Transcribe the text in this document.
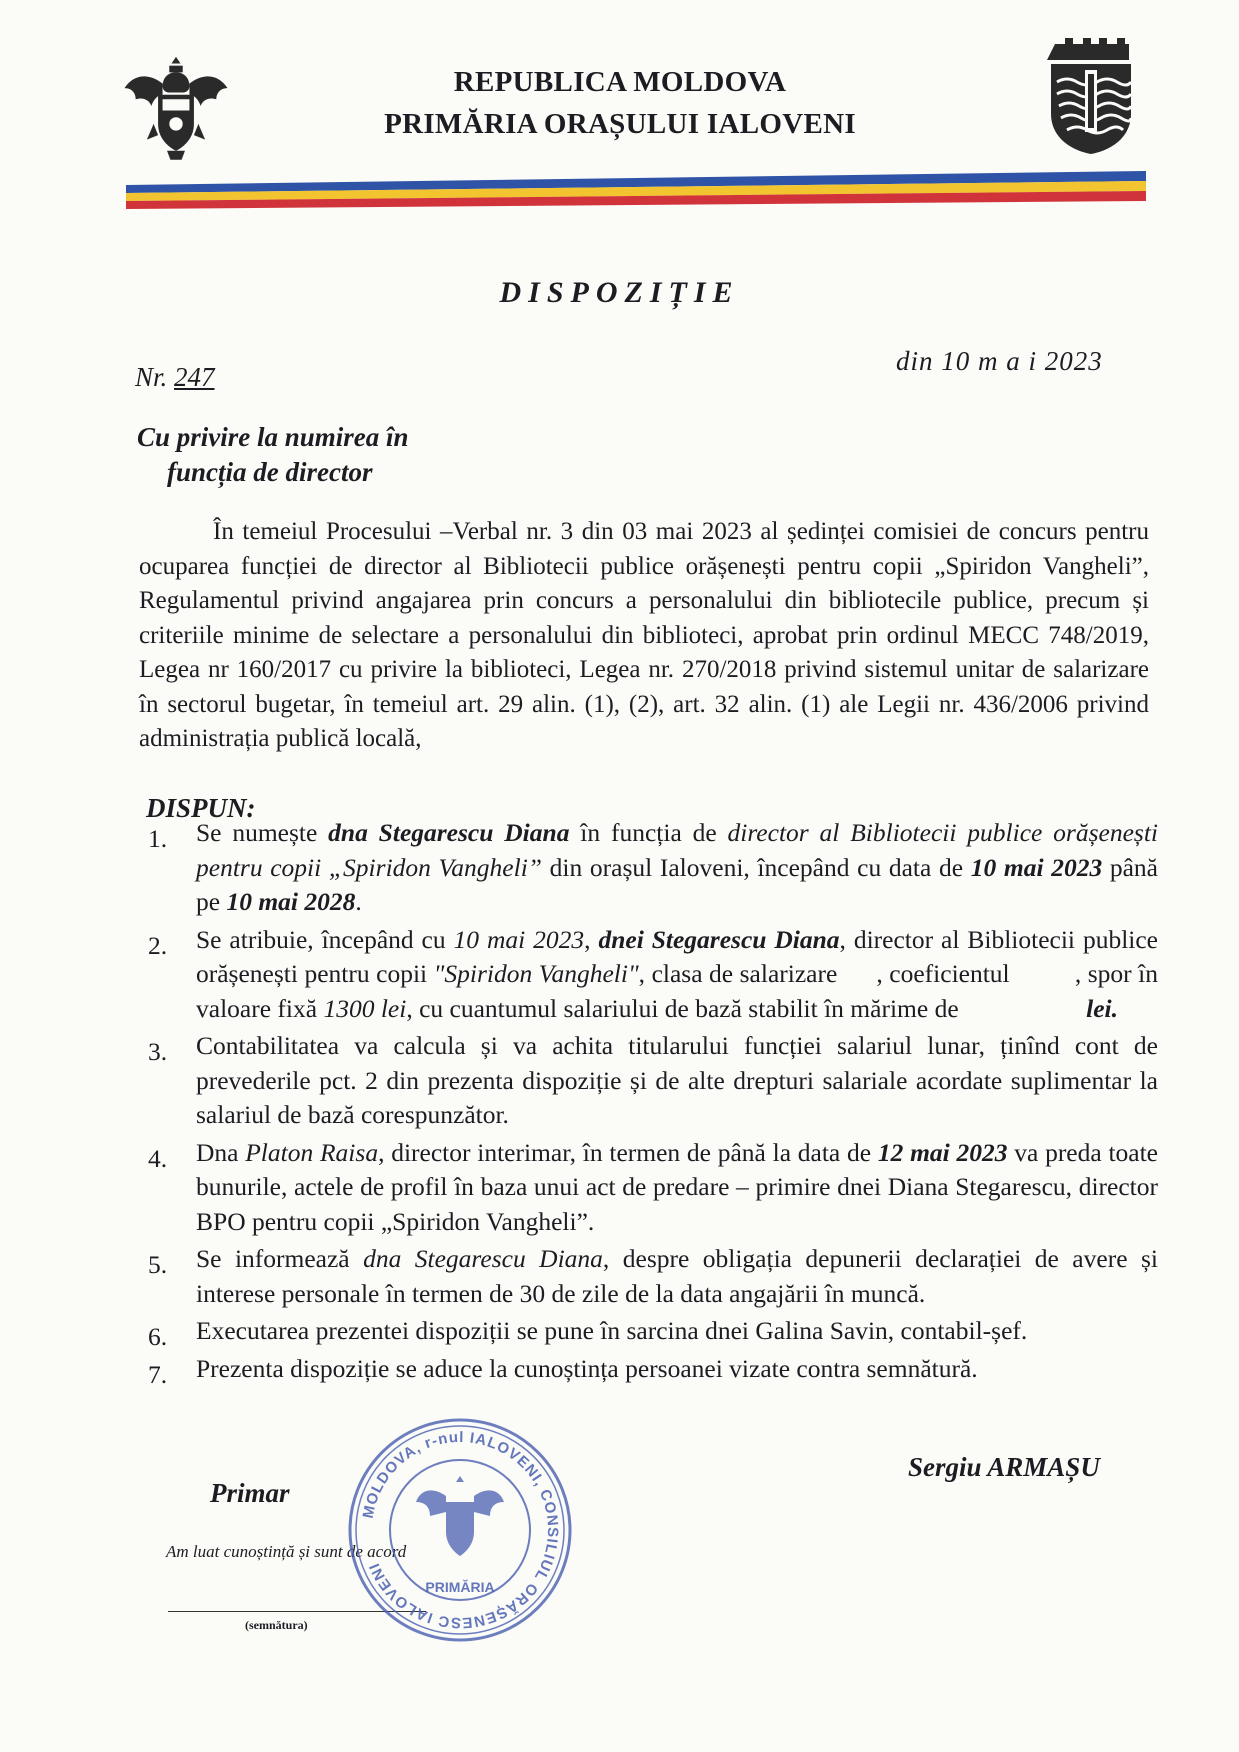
REPUBLICA MOLDOVA
PRIMĂRIA ORAȘULUI IALOVENI
DISPOZIȚIE
Nr. 247
din 10 m a i 2023
Cu privire la numirea în
funcția de director
În temeiul Procesului –Verbal nr. 3 din 03 mai 2023 al ședinței comisiei de concurs pentru ocuparea funcției de director al Bibliotecii publice orășenești pentru copii „Spiridon Vangheli”, Regulamentul privind angajarea prin concurs a personalului din bibliotecile publice, precum și criteriile minime de selectare a personalului din biblioteci, aprobat prin ordinul MECC 748/2019, Legea nr 160/2017 cu privire la biblioteci, Legea nr. 270/2018 privind sistemul unitar de salarizare în sectorul bugetar, în temeiul art. 29 alin. (1), (2), art. 32 alin. (1) ale Legii nr. 436/2006 privind administrația publică locală,
DISPUN:
1. Se numește dna Stegarescu Diana în funcția de director al Bibliotecii publice orășenești pentru copii „Spiridon Vangheli” din orașul Ialoveni, începând cu data de 10 mai 2023 până pe 10 mai 2028.
2. Se atribuie, începând cu 10 mai 2023, dnei Stegarescu Diana, director al Bibliotecii publice orășenești pentru copii "Spiridon Vangheli", clasa de salarizare      , coeficientul          , spor în valoare fixă 1300 lei, cu cuantumul salariului de bază stabilit în mărime de                    lei.
3. Contabilitatea va calcula și va achita titularului funcției salariul lunar, ținînd cont de prevederile pct. 2 din prezenta dispoziție și de alte drepturi salariale acordate suplimentar la salariul de bază corespunzător.
4. Dna Platon Raisa, director interimar, în termen de până la data de 12 mai 2023 va preda toate bunurile, actele de profil în baza unui act de predare – primire dnei Diana Stegarescu, director BPO pentru copii „Spiridon Vangheli”.
5. Se informează dna Stegarescu Diana, despre obligația depunerii declarației de avere și interese personale în termen de 30 de zile de la data angajării în muncă.
6. Executarea prezentei dispoziții se pune în sarcina dnei Galina Savin, contabil-șef.
7. Prezenta dispoziție se aduce la cunoștința persoanei vizate contra semnătură.
Primar
Sergiu ARMAȘU
Am luat cunoștință și sunt de acord
(semnătura)
MOLDOVA, r-nul IALOVENI, CONSILIUL ORĂȘENESC IALOVENI
PRIMĂRIA
